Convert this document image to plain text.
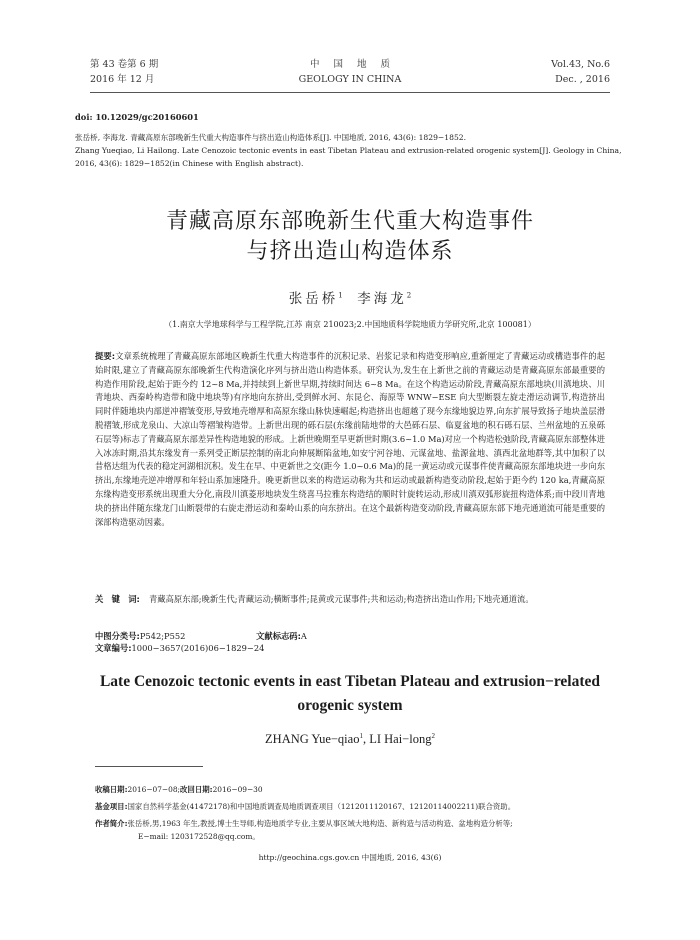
第 43 卷第 6 期
2016 年 12 月
中国地质
GEOLOGY IN CHINA
Vol.43, No.6
Dec. , 2016
doi: 10.12029/gc20160601
张岳桥, 李海龙. 青藏高原东部晚新生代重大构造事件与挤出造山构造体系[J]. 中国地质, 2016, 43(6): 1829−1852.
Zhang Yueqiao, Li Hailong. Late Cenozoic tectonic events in east Tibetan Plateau and extrusion-related orogenic system[J]. Geology in China, 2016, 43(6): 1829−1852(in Chinese with English abstract).
青藏高原东部晚新生代重大构造事件
与挤出造山构造体系
张岳桥$^1$ 李海龙$^2$
（1.南京大学地球科学与工程学院,江苏 南京 210023;2.中国地质科学院地质力学研究所,北京 100081）
提要:文章系统梳理了青藏高原东部地区晚新生代重大构造事件的沉积记录、岩浆记录和构造变形响应,重新厘定了青藏运动或構造事件的起始时限,建立了青藏高原东部晚新生代构造演化序列与挤出造山构造体系。研究认为,发生在上新世之前的青藏运动是青藏高原东部最重要的构造作用阶段,起始于距今约 12~8 Ma,并持续到上新世早期,持续时间达 6~8 Ma。在这个构造运动阶段,青藏高原东部地块(川滇地块、川青地块、西秦岭构造带和陇中地块等)有序地向东挤出,受到鲜水河、东昆仑、海原等 WNW−ESE 向大型断裂左旋走滑运动调节,构造挤出同时伴随地块内部逆冲褶皱变形,导致地壳增厚和高原东缘山脉快速崛起;构造挤出也超越了现今东缘地貌边界,向东扩展导致扬子地块盖层滑脱褶皱,形成龙泉山、大凉山等褶皱构造带。上新世出现的砾石层(东缘前陆地带的大邑砾石层、临夏盆地的积石砾石层、兰州盆地的五泉砾石层等)标志了青藏高原东部差异性构造地貌的形成。上新世晚期至早更新世时期(3.6~1.0 Ma)对应一个构造松弛阶段,青藏高原东部整体进入冰冻时期,沿其东缘发育一系列受正断层控制的南北向伸展断陷盆地,如安宁河谷地、元谋盆地、盐源盆地、滇西北盆地群等,其中加积了以昔格达组为代表的稳定河湖相沉积。发生在早、中更新世之交(距今 1.0~0.6 Ma)的昆一黄运动或元谋事件使青藏高原东部地块进一步向东挤出,东缘地壳逆冲增厚和年轻山系加速隆升。晚更新世以来的构造运动称为共和运动或最新构造变动阶段,起始于距今约 120 ka,青藏高原东缘构造变形系统出现重大分化,南段川滇菱形地块发生绕喜马拉雅东构造结的顺时针旋转运动,形成川滇双弧形旋扭构造体系;而中段川青地块的挤出伴随东缘龙门山断裂带的右旋走滑运动和秦岭山系的向东挤出。在这个最新构造变动阶段,青藏高原东部下地壳通道流可能是重要的深部构造驱动因素。
关　键　词: 青藏高原东部;晚新生代;青藏运动;横断事件;昆黄或元谋事件;共和运动;构造挤出造山作用;下地壳通道流。
中图分类号:P542;P552	文献标志码:A 文章编号:1000−3657(2016)06−1829−24
Late Cenozoic tectonic events in east Tibetan Plateau and extrusion−related
orogenic system
ZHANG Yue−qiao$^1$, LI Hai−long$^2$
收稿日期:2016−07−08;改回日期:2016−09−30
基金项目:国家自然科学基金(41472178)和中国地质调查局地质调查项目（1212011120167、12120114002211)联合资助。
作者简介:张岳桥,男,1963 年生,教授,博士生导师,构造地质学专业,主要从事区域大地构造、新构造与活动构造、盆地构造分析等;
E−mail: 1203172528@qq.com。
http://geochina.cgs.gov.cn 中国地质, 2016, 43(6)
